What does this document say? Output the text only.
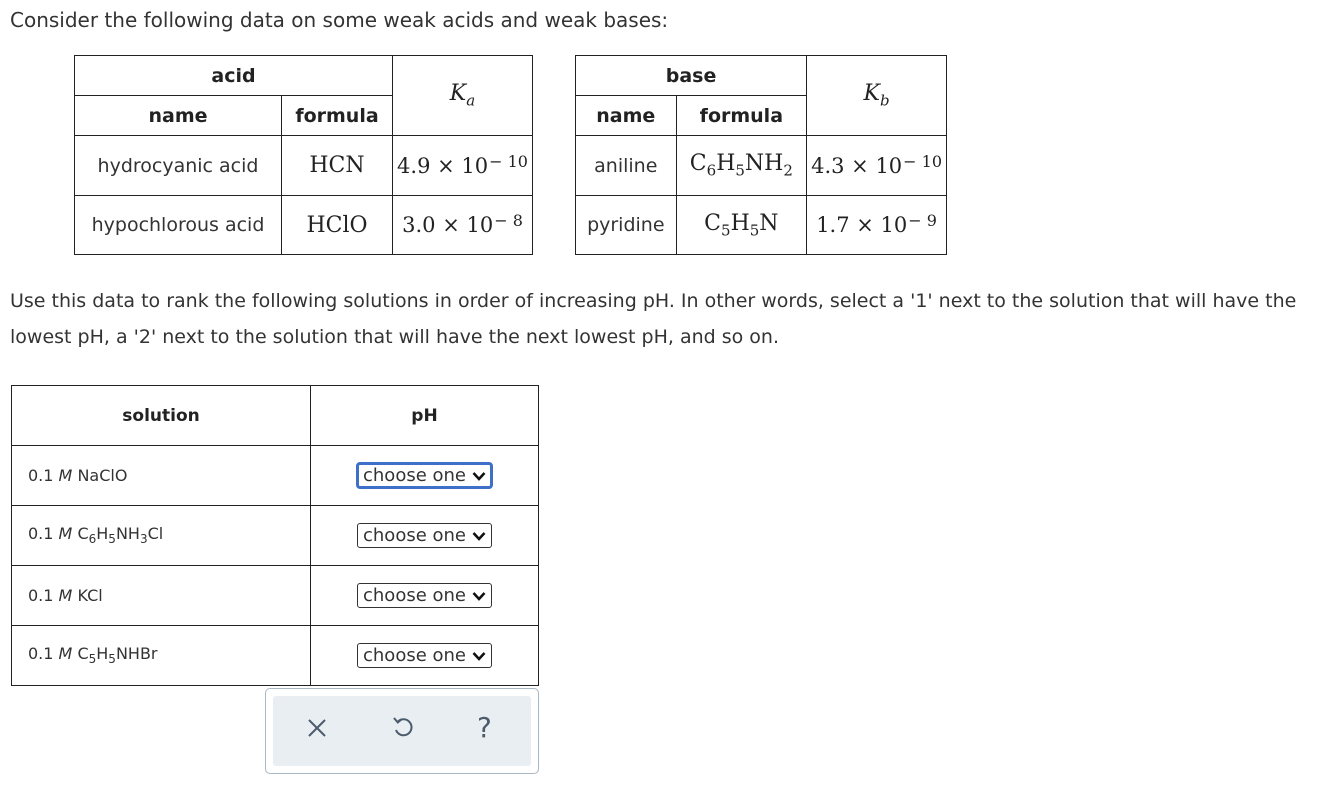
Consider the following data on some weak acids and weak bases:
acid		$K_a$
name	formula	
hydrocyanic acid	HCN	$4.9 \times 10^{- 10}$
hypochlorous acid	HClO	$3.0 \times 10^{- 8}$
base		$K_b$
name	formula	
aniline	$C_6H_5NH_2$	$4.3 \times 10^{- 10}$
pyridine	$C_5H_5N$	$1.7 \times 10^{- 9}$
Use this data to rank the following solutions in order of increasing pH. In other words, select a '1' next to the solution that will have the lowest pH, a '2' next to the solution that will have the next lowest pH, and so on.
solution	pH
0.1 M NaClO	choose one
0.1 M $C_6H_5NH_3Cl$	choose one
0.1 M KCl	choose one
0.1 M $C_5H_5NHBr$	choose one
?
